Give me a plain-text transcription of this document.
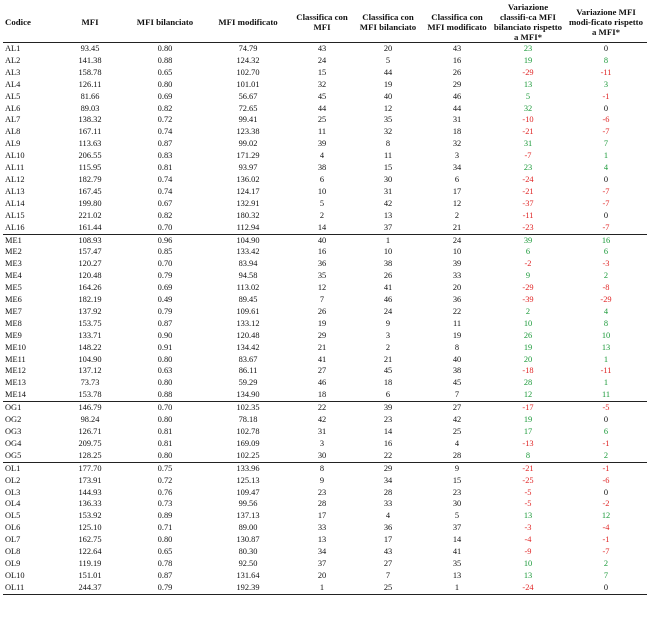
Codice	MFI	MFI bilanciato	MFI modificato	Classifica con MFI	Classifica con MFI bilanciato	Classifica con MFI modificato	Variazione classifi-ca MFI bilanciato rispetto a MFI*	Variazione MFI modi-ficato rispetto a MFI*
AL1	93.45	0.80	74.79	43	20	43	23	0
AL2	141.38	0.88	124.32	24	5	16	19	8
AL3	158.78	0.65	102.70	15	44	26	-29	-11
AL4	126.11	0.80	101.01	32	19	29	13	3
AL5	81.66	0.69	56.67	45	40	46	5	-1
AL6	89.03	0.82	72.65	44	12	44	32	0
AL7	138.32	0.72	99.41	25	35	31	-10	-6
AL8	167.11	0.74	123.38	11	32	18	-21	-7
AL9	113.63	0.87	99.02	39	8	32	31	7
AL10	206.55	0.83	171.29	4	11	3	-7	1
AL11	115.95	0.81	93.97	38	15	34	23	4
AL12	182.79	0.74	136.02	6	30	6	-24	0
AL13	167.45	0.74	124.17	10	31	17	-21	-7
AL14	199.80	0.67	132.91	5	42	12	-37	-7
AL15	221.02	0.82	180.32	2	13	2	-11	0
AL16	161.44	0.70	112.94	14	37	21	-23	-7
ME1	108.93	0.96	104.90	40	1	24	39	16
ME2	157.47	0.85	133.42	16	10	10	6	6
ME3	120.27	0.70	83.94	36	38	39	-2	-3
ME4	120.48	0.79	94.58	35	26	33	9	2
ME5	164.26	0.69	113.02	12	41	20	-29	-8
ME6	182.19	0.49	89.45	7	46	36	-39	-29
ME7	137.92	0.79	109.61	26	24	22	2	4
ME8	153.75	0.87	133.12	19	9	11	10	8
ME9	133.71	0.90	120.48	29	3	19	26	10
ME10	148.22	0.91	134.42	21	2	8	19	13
ME11	104.90	0.80	83.67	41	21	40	20	1
ME12	137.12	0.63	86.11	27	45	38	-18	-11
ME13	73.73	0.80	59.29	46	18	45	28	1
ME14	153.78	0.88	134.90	18	6	7	12	11
OG1	146.79	0.70	102.35	22	39	27	-17	-5
OG2	98.24	0.80	78.18	42	23	42	19	0
OG3	126.71	0.81	102.78	31	14	25	17	6
OG4	209.75	0.81	169.09	3	16	4	-13	-1
OG5	128.25	0.80	102.25	30	22	28	8	2
OL1	177.70	0.75	133.96	8	29	9	-21	-1
OL2	173.91	0.72	125.13	9	34	15	-25	-6
OL3	144.93	0.76	109.47	23	28	23	-5	0
OL4	136.33	0.73	99.56	28	33	30	-5	-2
OL5	153.92	0.89	137.13	17	4	5	13	12
OL6	125.10	0.71	89.00	33	36	37	-3	-4
OL7	162.75	0.80	130.87	13	17	14	-4	-1
OL8	122.64	0.65	80.30	34	43	41	-9	-7
OL9	119.19	0.78	92.50	37	27	35	10	2
OL10	151.01	0.87	131.64	20	7	13	13	7
OL11	244.37	0.79	192.39	1	25	1	-24	0
